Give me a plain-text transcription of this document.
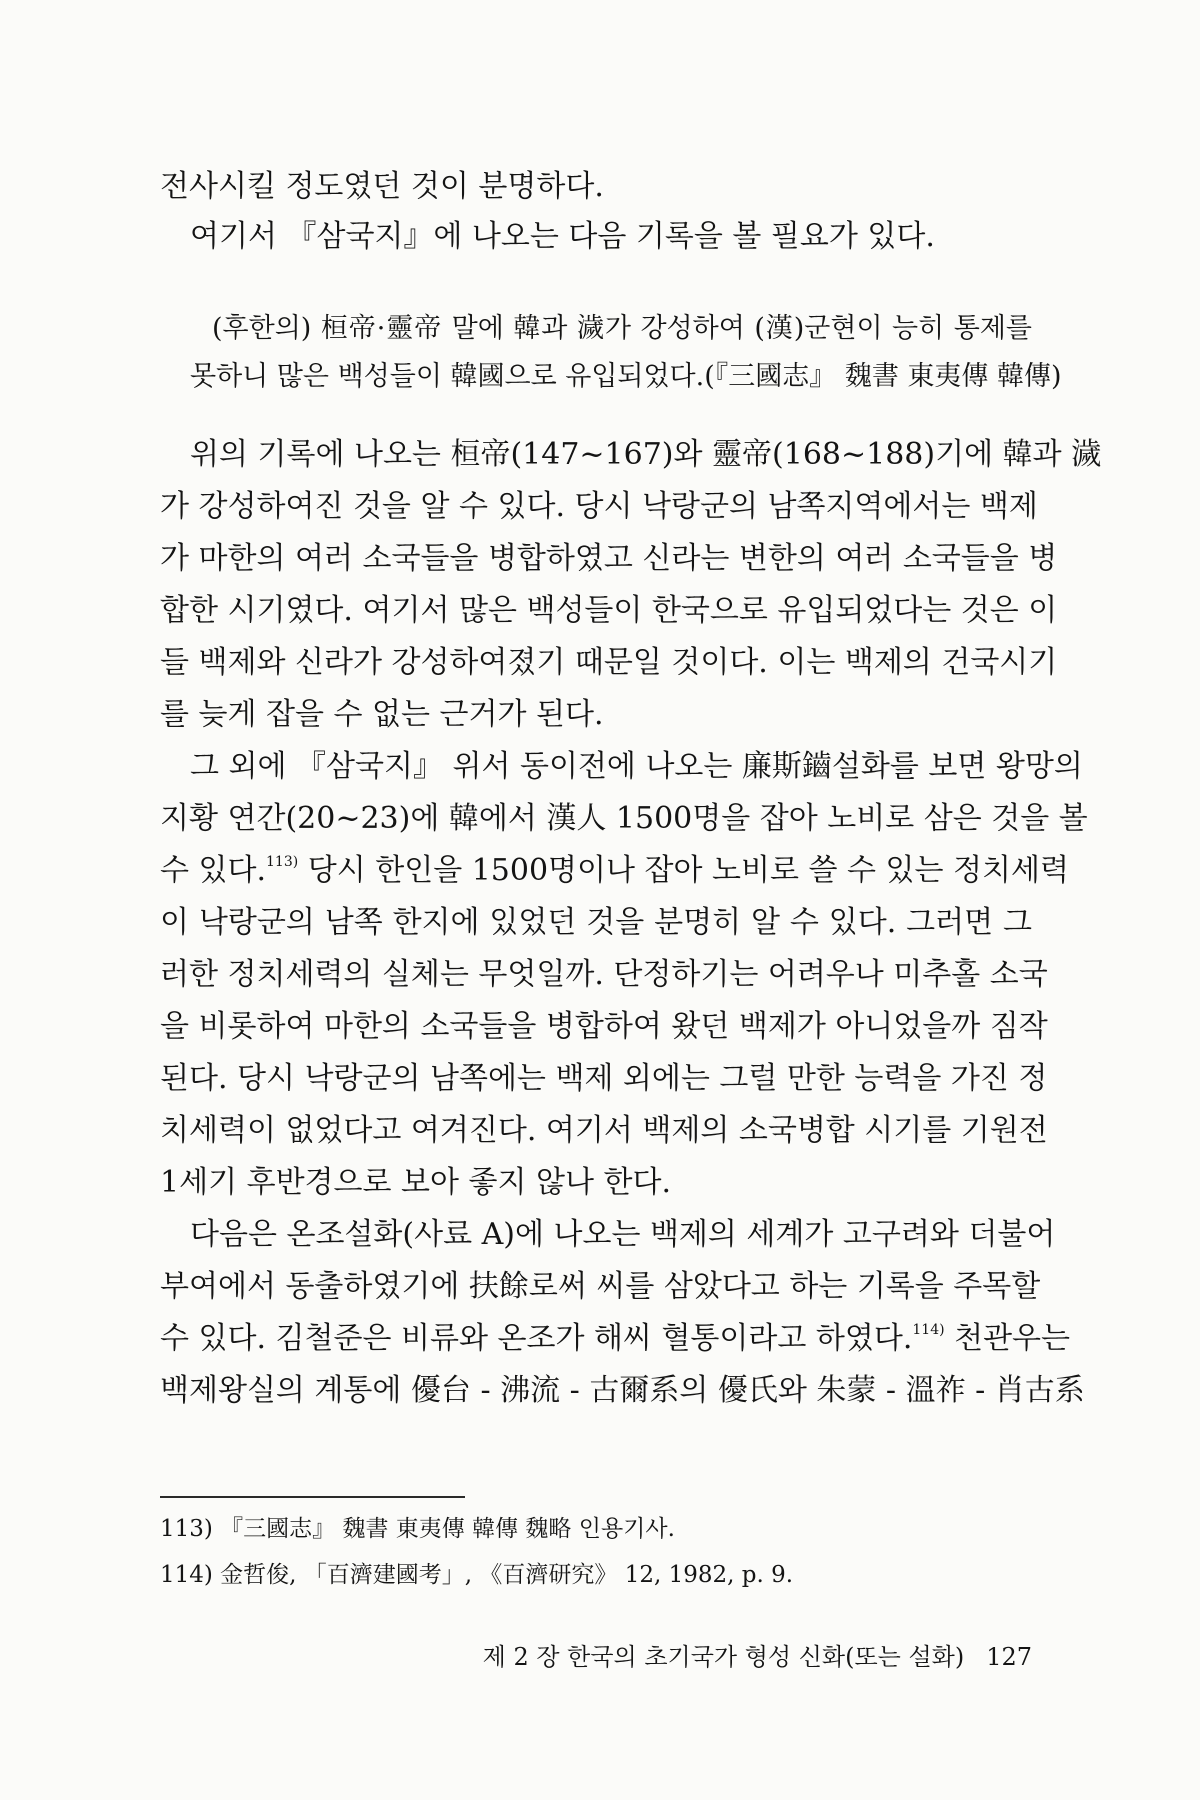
전사시킬 정도였던 것이 분명하다.
여기서 『삼국지』에 나오는 다음 기록을 볼 필요가 있다.
(후한의) 桓帝·靈帝 말에 韓과 濊가 강성하여 (漢)군현이 능히 통제를
못하니 많은 백성들이 韓國으로 유입되었다.(『三國志』 魏書 東夷傳 韓傳)
위의 기록에 나오는 桓帝(147~167)와 靈帝(168~188)기에 韓과 濊
가 강성하여진 것을 알 수 있다. 당시 낙랑군의 남쪽지역에서는 백제
가 마한의 여러 소국들을 병합하였고 신라는 변한의 여러 소국들을 병
합한 시기였다. 여기서 많은 백성들이 한국으로 유입되었다는 것은 이
들 백제와 신라가 강성하여졌기 때문일 것이다. 이는 백제의 건국시기
를 늦게 잡을 수 없는 근거가 된다.
그 외에 『삼국지』 위서 동이전에 나오는 廉斯鑡설화를 보면 왕망의
지황 연간(20~23)에 韓에서 漢人 1500명을 잡아 노비로 삼은 것을 볼
수 있다.$^{113)}$ 당시 한인을 1500명이나 잡아 노비로 쓸 수 있는 정치세력
이 낙랑군의 남쪽 한지에 있었던 것을 분명히 알 수 있다. 그러면 그
러한 정치세력의 실체는 무엇일까. 단정하기는 어려우나 미추홀 소국
을 비롯하여 마한의 소국들을 병합하여 왔던 백제가 아니었을까 짐작
된다. 당시 낙랑군의 남쪽에는 백제 외에는 그럴 만한 능력을 가진 정
치세력이 없었다고 여겨진다. 여기서 백제의 소국병합 시기를 기원전
1세기 후반경으로 보아 좋지 않나 한다.
다음은 온조설화(사료 A)에 나오는 백제의 세계가 고구려와 더불어
부여에서 동출하였기에 扶餘로써 씨를 삼았다고 하는 기록을 주목할
수 있다. 김철준은 비류와 온조가 해씨 혈통이라고 하였다.$^{114)}$ 천관우는
백제왕실의 계통에 優台 - 沸流 - 古爾系의 優氏와 朱蒙 - 溫祚 - 肖古系
113) 『三國志』 魏書 東夷傳 韓傳 魏略 인용기사.
114) 金哲俊, 「百濟建國考」, 《百濟研究》 12, 1982, p. 9.
제 2 장 한국의 초기국가 형성 신화(또는 설화) 127
